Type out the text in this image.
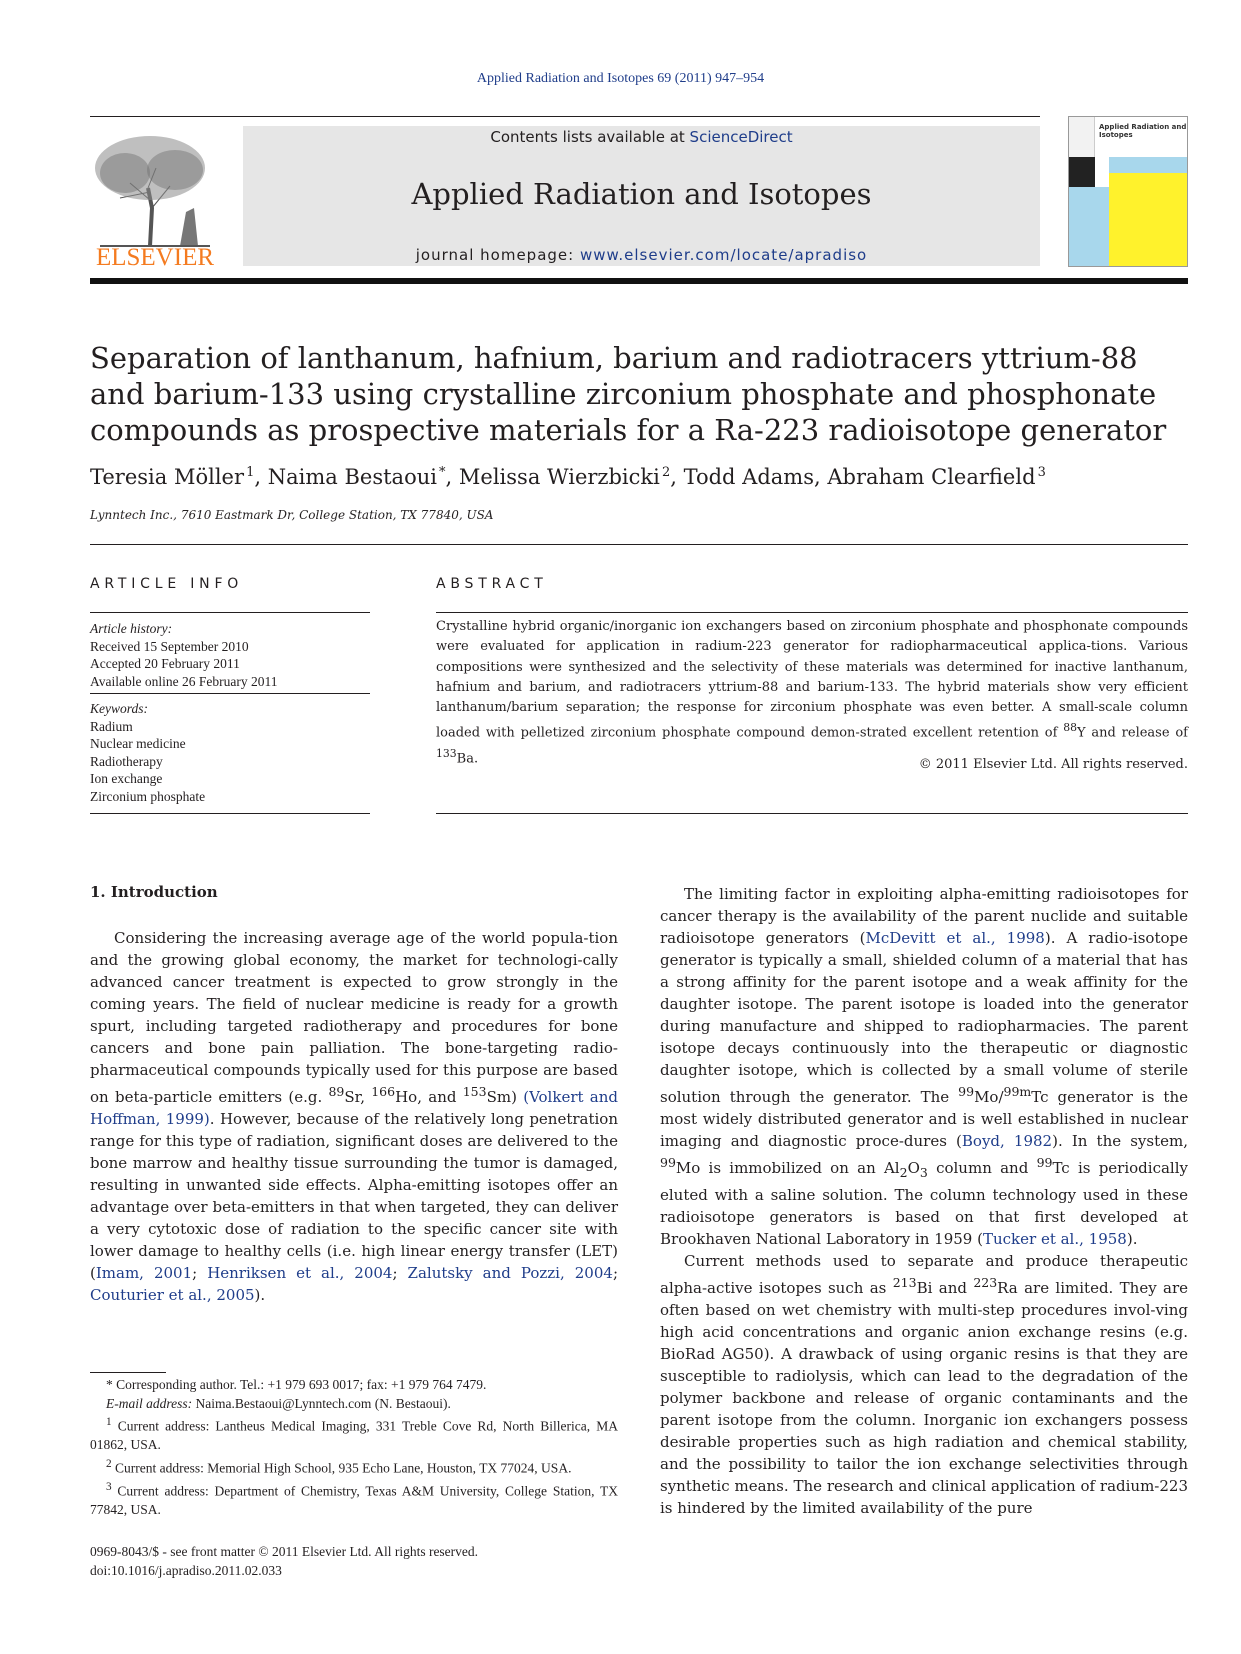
Applied Radiation and Isotopes 69 (2011) 947–954
ELSEVIER
Contents lists available at ScienceDirect
Applied Radiation and Isotopes
journal homepage: www.elsevier.com/locate/apradiso
Applied Radiation and
Isotopes
Separation of lanthanum, hafnium, barium and radiotracers yttrium-88
and barium-133 using crystalline zirconium phosphate and phosphonate
compounds as prospective materials for a Ra-223 radioisotope generator
Teresia Möller  $^1$, Naima Bestaoui  *, Melissa Wierzbicki  $^2$, Todd Adams, Abraham Clearfield  $^3$
Lynntech Inc., 7610 Eastmark Dr, College Station, TX 77840, USA
ARTICLE INFO
Article history:
Received 15 September 2010
Accepted 20 February 2011
Available online 26 February 2011
Keywords:
Radium
Nuclear medicine
Radiotherapy
Ion exchange
Zirconium phosphate
ABSTRACT
Crystalline hybrid organic/inorganic ion exchangers based on zirconium phosphate and phosphonate compounds were evaluated for application in radium-223 generator for radiopharmaceutical applica-tions. Various compositions were synthesized and the selectivity of these materials was determined for inactive lanthanum, hafnium and barium, and radiotracers yttrium-88 and barium-133. The hybrid materials show very efficient lanthanum/barium separation; the response for zirconium phosphate was even better. A small-scale column loaded with pelletized zirconium phosphate compound demon-strated excellent retention of $^{88}$Y and release of $^{133}$Ba.	© 2011 Elsevier Ltd. All rights reserved.
1. Introduction

Considering the increasing average age of the world popula-tion and the growing global economy, the market for technologi-cally advanced cancer treatment is expected to grow strongly in the coming years. The field of nuclear medicine is ready for a growth spurt, including targeted radiotherapy and procedures for bone cancers and bone pain palliation. The bone-targeting radio-pharmaceutical compounds typically used for this purpose are based on beta-particle emitters (e.g. $^{89}$Sr, $^{166}$Ho, and $^{153}$Sm) (Volkert and Hoffman, 1999). However, because of the relatively long penetration range for this type of radiation, significant doses are delivered to the bone marrow and healthy tissue surrounding the tumor is damaged, resulting in unwanted side effects. Alpha-emitting isotopes offer an advantage over beta-emitters in that when targeted, they can deliver a very cytotoxic dose of radiation to the specific cancer site with lower damage to healthy cells (i.e. high linear energy transfer (LET) (Imam, 2001; Henriksen et al., 2004; Zalutsky and Pozzi, 2004; Couturier et al., 2005).

The limiting factor in exploiting alpha-emitting radioisotopes for cancer therapy is the availability of the parent nuclide and suitable radioisotope generators (McDevitt et al., 1998). A radio-isotope generator is typically a small, shielded column of a material that has a strong affinity for the parent isotope and a weak affinity for the daughter isotope. The parent isotope is loaded into the generator during manufacture and shipped to radiopharmacies. The parent isotope decays continuously into the therapeutic or diagnostic daughter isotope, which is collected by a small volume of sterile solution through the generator. The $^{99}$Mo/$^{99m}$Tc generator is the most widely distributed generator and is well established in nuclear imaging and diagnostic proce-dures (Boyd, 1982). In the system, $^{99}$Mo is immobilized on an $Al_2O_3$ column and $^{99}$Tc is periodically eluted with a saline solution. The column technology used in these radioisotope generators is based on that first developed at Brookhaven National Laboratory in 1959 (Tucker et al., 1958).

Current methods used to separate and produce therapeutic alpha-active isotopes such as $^{213}$Bi and $^{223}$Ra are limited. They are often based on wet chemistry with multi-step procedures invol-ving high acid concentrations and organic anion exchange resins (e.g. BioRad AG50). A drawback of using organic resins is that they are susceptible to radiolysis, which can lead to the degradation of the polymer backbone and release of organic contaminants and the parent isotope from the column. Inorganic ion exchangers possess desirable properties such as high radiation and chemical stability, and the possibility to tailor the ion exchange selectivities through synthetic means. The research and clinical application of radium-223 is hindered by the limited availability of the pure

* Corresponding author. Tel.: +1 979 693 0017; fax: +1 979 764 7479.

E-mail address: Naima.Bestaoui@Lynntech.com (N. Bestaoui).

$^1$ Current address: Lantheus Medical Imaging, 331 Treble Cove Rd, North Billerica, MA 01862, USA.

$^2$ Current address: Memorial High School, 935 Echo Lane, Houston, TX 77024, USA.

$^3$ Current address: Department of Chemistry, Texas A&M University, College Station, TX 77842, USA.

0969-8043/$ - see front matter © 2011 Elsevier Ltd. All rights reserved.
doi:10.1016/j.apradiso.2011.02.033
